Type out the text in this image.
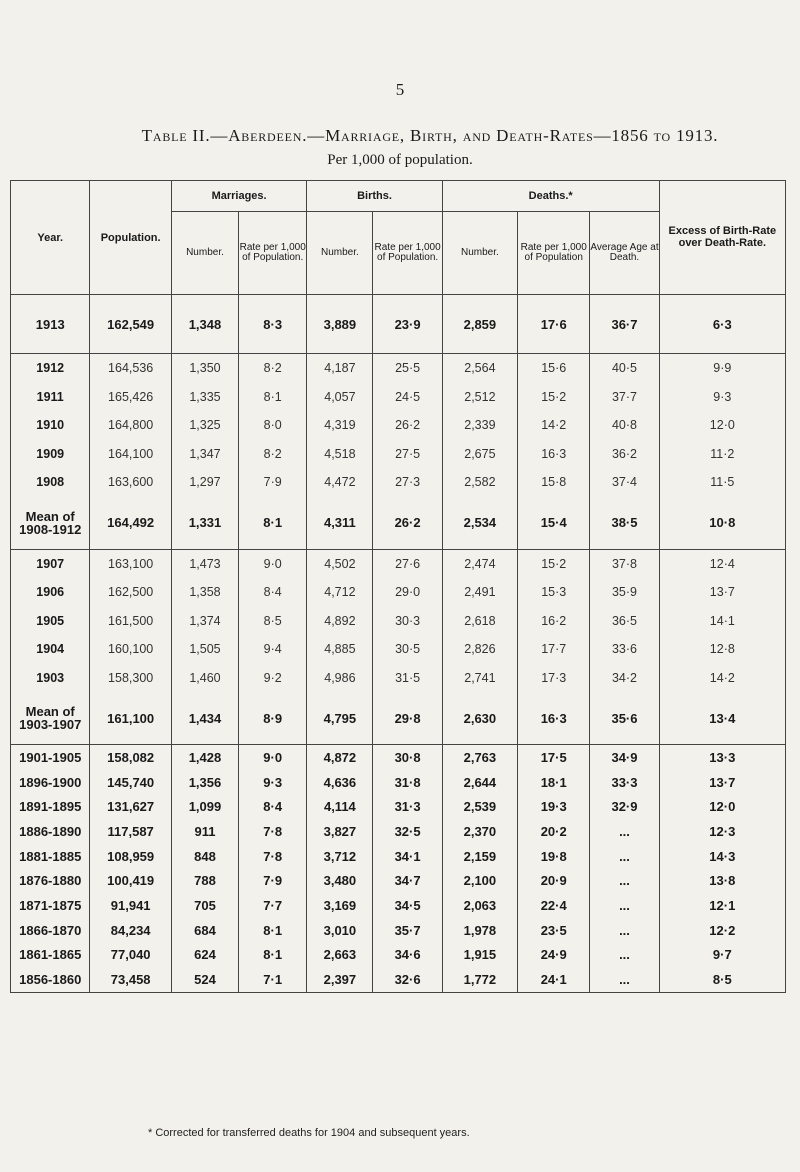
5
Table II.—Aberdeen.—Marriage, Birth, and Death-Rates—1856 to 1913.
Per 1,000 of population.
Year.	Population.	Marriages.		Births.		Deaths.*			Excess of Birth-Rate over Death-Rate.
		Number.	Rate per 1,000 of Population.	Number.	Rate per 1,000 of Population.	Number.	Rate per 1,000 of Population	Average Age at Death.	
1913	162,549	1,348	8·3	3,889	23·9	2,859	17·6	36·7	6·3
1912	164,536	1,350	8·2	4,187	25·5	2,564	15·6	40·5	9·9
1911	165,426	1,335	8·1	4,057	24·5	2,512	15·2	37·7	9·3
1910	164,800	1,325	8·0	4,319	26·2	2,339	14·2	40·8	12·0
1909	164,100	1,347	8·2	4,518	27·5	2,675	16·3	36·2	11·2
1908	163,600	1,297	7·9	4,472	27·3	2,582	15·8	37·4	11·5
Mean of 1908-1912	164,492	1,331	8·1	4,311	26·2	2,534	15·4	38·5	10·8
1907	163,100	1,473	9·0	4,502	27·6	2,474	15·2	37·8	12·4
1906	162,500	1,358	8·4	4,712	29·0	2,491	15·3	35·9	13·7
1905	161,500	1,374	8·5	4,892	30·3	2,618	16·2	36·5	14·1
1904	160,100	1,505	9·4	4,885	30·5	2,826	17·7	33·6	12·8
1903	158,300	1,460	9·2	4,986	31·5	2,741	17·3	34·2	14·2
Mean of 1903-1907	161,100	1,434	8·9	4,795	29·8	2,630	16·3	35·6	13·4
1901-1905	158,082	1,428	9·0	4,872	30·8	2,763	17·5	34·9	13·3
1896-1900	145,740	1,356	9·3	4,636	31·8	2,644	18·1	33·3	13·7
1891-1895	131,627	1,099	8·4	4,114	31·3	2,539	19·3	32·9	12·0
1886-1890	117,587	911	7·8	3,827	32·5	2,370	20·2	...	12·3
1881-1885	108,959	848	7·8	3,712	34·1	2,159	19·8	...	14·3
1876-1880	100,419	788	7·9	3,480	34·7	2,100	20·9	...	13·8
1871-1875	91,941	705	7·7	3,169	34·5	2,063	22·4	...	12·1
1866-1870	84,234	684	8·1	3,010	35·7	1,978	23·5	...	12·2
1861-1865	77,040	624	8·1	2,663	34·6	1,915	24·9	...	9·7
1856-1860	73,458	524	7·1	2,397	32·6	1,772	24·1	...	8·5
* Corrected for transferred deaths for 1904 and subsequent years.
